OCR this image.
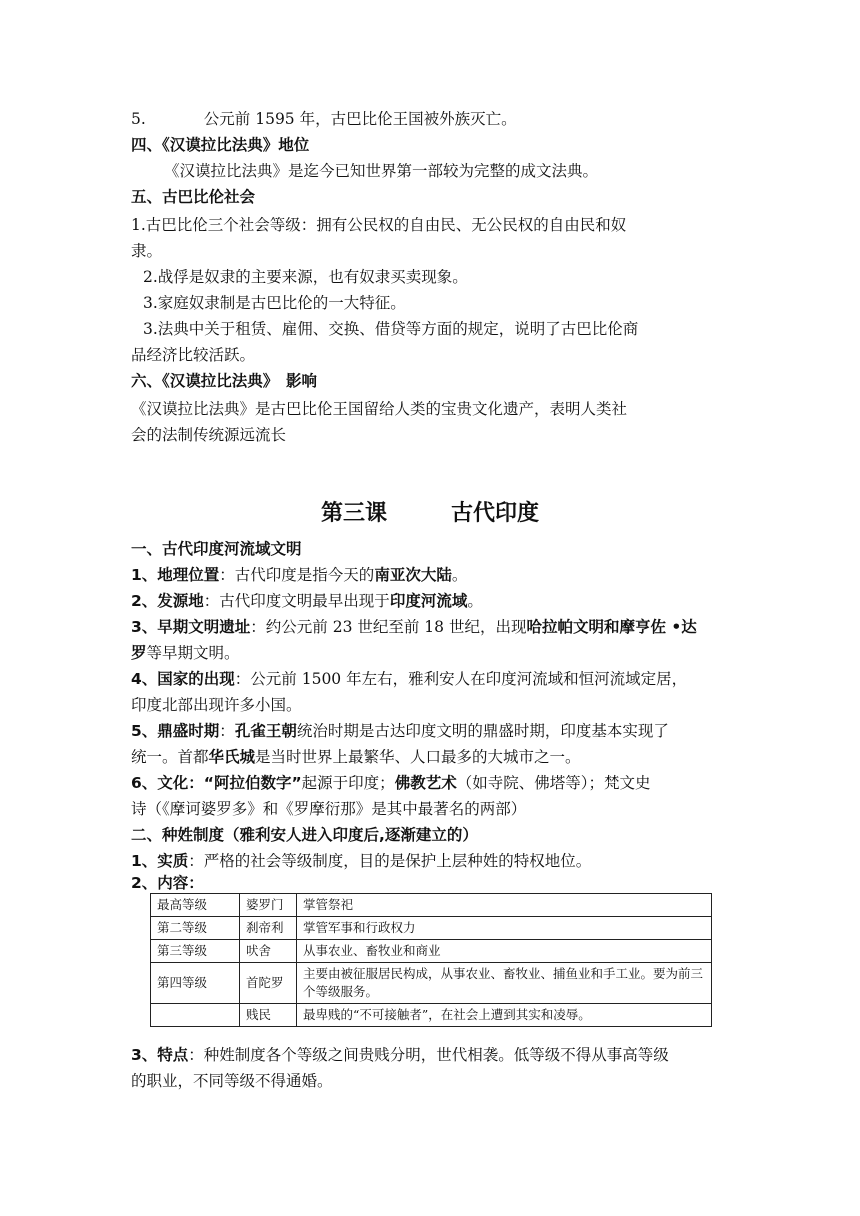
5.	公元前 1595 年，古巴比伦王国被外族灭亡。
四、《汉谟拉比法典》地位
《汉谟拉比法典》是迄今已知世界第一部较为完整的成文法典。
五、古巴比伦社会
1.古巴比伦三个社会等级：拥有公民权的自由民、无公民权的自由民和奴
隶。
2.战俘是奴隶的主要来源，也有奴隶买卖现象。
3.家庭奴隶制是古巴比伦的一大特征。
3.法典中关于租赁、雇佣、交换、借贷等方面的规定，说明了古巴比伦商
品经济比较活跃。
六、《汉谟拉比法典》　影响
《汉谟拉比法典》是古巴比伦王国留给人类的宝贵文化遗产，表明人类社
会的法制传统源远流长
第三课	古代印度
一、古代印度河流域文明
1、地理位置：古代印度是指今天的南亚次大陆。
2、发源地：古代印度文明最早出现于印度河流域。
3、早期文明遗址：约公元前 23 世纪至前 18 世纪，出现哈拉帕文明和摩亨佐 •达
罗等早期文明。
4、国家的出现：公元前 1500 年左右，雅利安人在印度河流域和恒河流域定居，
印度北部出现许多小国。
5、鼎盛时期：孔雀王朝统治时期是古达印度文明的鼎盛时期，印度基本实现了
统一。首都华氏城是当时世界上最繁华、人口最多的大城市之一。
6、文化：“阿拉伯数字”起源于印度；佛教艺术（如寺院、佛塔等）；梵文史
诗（《摩诃婆罗多》和《罗摩衍那》是其中最著名的两部）
二、种姓制度（雅利安人进入印度后,逐渐建立的）
1、实质：严格的社会等级制度，目的是保护上层种姓的特权地位。
2、内容：
最高等级	婆罗门	掌管祭祀
第二等级	刹帝利	掌管军事和行政权力
第三等级	吠舍	从事农业、畜牧业和商业
第四等级	首陀罗	主要由被征服居民构成，从事农业、畜牧业、捕鱼业和手工业。要为前三个等级服务。
	贱民	最卑贱的“不可接触者”，在社会上遭到其实和凌辱。
3、特点：种姓制度各个等级之间贵贱分明，世代相袭。低等级不得从事高等级
的职业，不同等级不得通婚。
